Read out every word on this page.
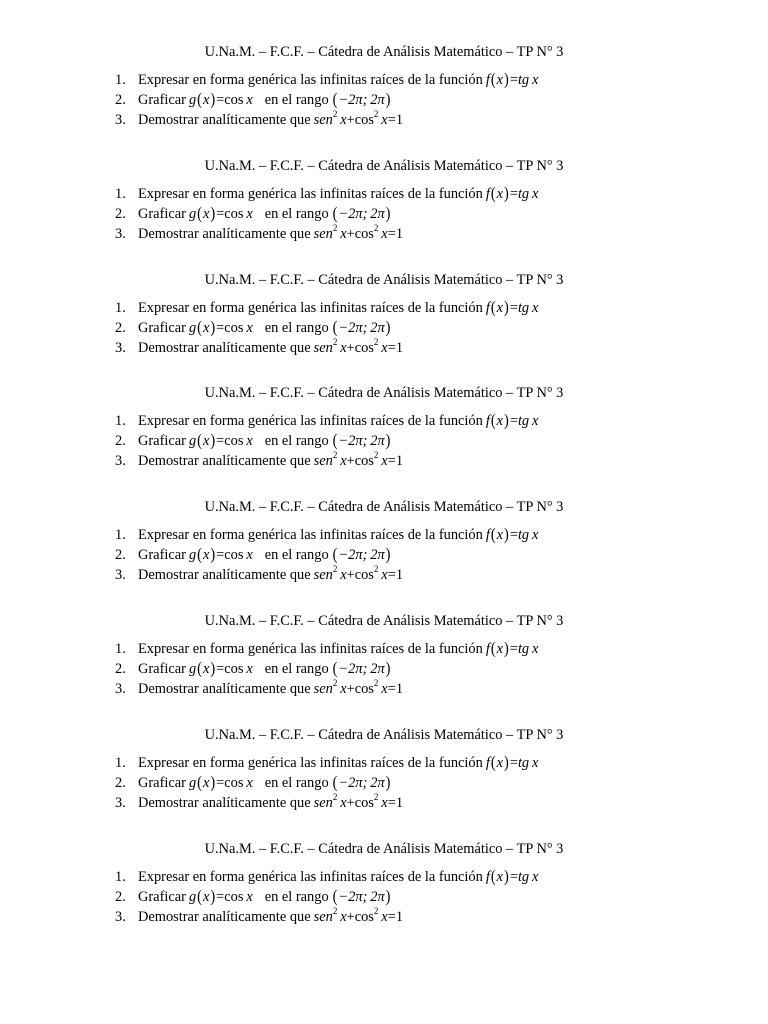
U.Na.M. – F.C.F. – Cátedra de Análisis Matemático – TP N° 3
1. Expresar en forma genérica las infinitas raíces de la función f(x)=tg  x
2. Graficar g(x)=cos  x en el rango (−2π;  2π)
3. Demostrar analíticamente que sen$^2$  $x+\cos^2$  x=1
U.Na.M. – F.C.F. – Cátedra de Análisis Matemático – TP N° 3
1. Expresar en forma genérica las infinitas raíces de la función f(x)=tg  x
2. Graficar g(x)=cos  x en el rango (−2π;  2π)
3. Demostrar analíticamente que sen$^2$  $x+\cos^2$  x=1
U.Na.M. – F.C.F. – Cátedra de Análisis Matemático – TP N° 3
1. Expresar en forma genérica las infinitas raíces de la función f(x)=tg  x
2. Graficar g(x)=cos  x en el rango (−2π;  2π)
3. Demostrar analíticamente que sen$^2$  $x+\cos^2$  x=1
U.Na.M. – F.C.F. – Cátedra de Análisis Matemático – TP N° 3
1. Expresar en forma genérica las infinitas raíces de la función f(x)=tg  x
2. Graficar g(x)=cos  x en el rango (−2π;  2π)
3. Demostrar analíticamente que sen$^2$  $x+\cos^2$  x=1
U.Na.M. – F.C.F. – Cátedra de Análisis Matemático – TP N° 3
1. Expresar en forma genérica las infinitas raíces de la función f(x)=tg  x
2. Graficar g(x)=cos  x en el rango (−2π;  2π)
3. Demostrar analíticamente que sen$^2$  $x+\cos^2$  x=1
U.Na.M. – F.C.F. – Cátedra de Análisis Matemático – TP N° 3
1. Expresar en forma genérica las infinitas raíces de la función f(x)=tg  x
2. Graficar g(x)=cos  x en el rango (−2π;  2π)
3. Demostrar analíticamente que sen$^2$  $x+\cos^2$  x=1
U.Na.M. – F.C.F. – Cátedra de Análisis Matemático – TP N° 3
1. Expresar en forma genérica las infinitas raíces de la función f(x)=tg  x
2. Graficar g(x)=cos  x en el rango (−2π;  2π)
3. Demostrar analíticamente que sen$^2$  $x+\cos^2$  x=1
U.Na.M. – F.C.F. – Cátedra de Análisis Matemático – TP N° 3
1. Expresar en forma genérica las infinitas raíces de la función f(x)=tg  x
2. Graficar g(x)=cos  x en el rango (−2π;  2π)
3. Demostrar analíticamente que sen$^2$  $x+\cos^2$  x=1
